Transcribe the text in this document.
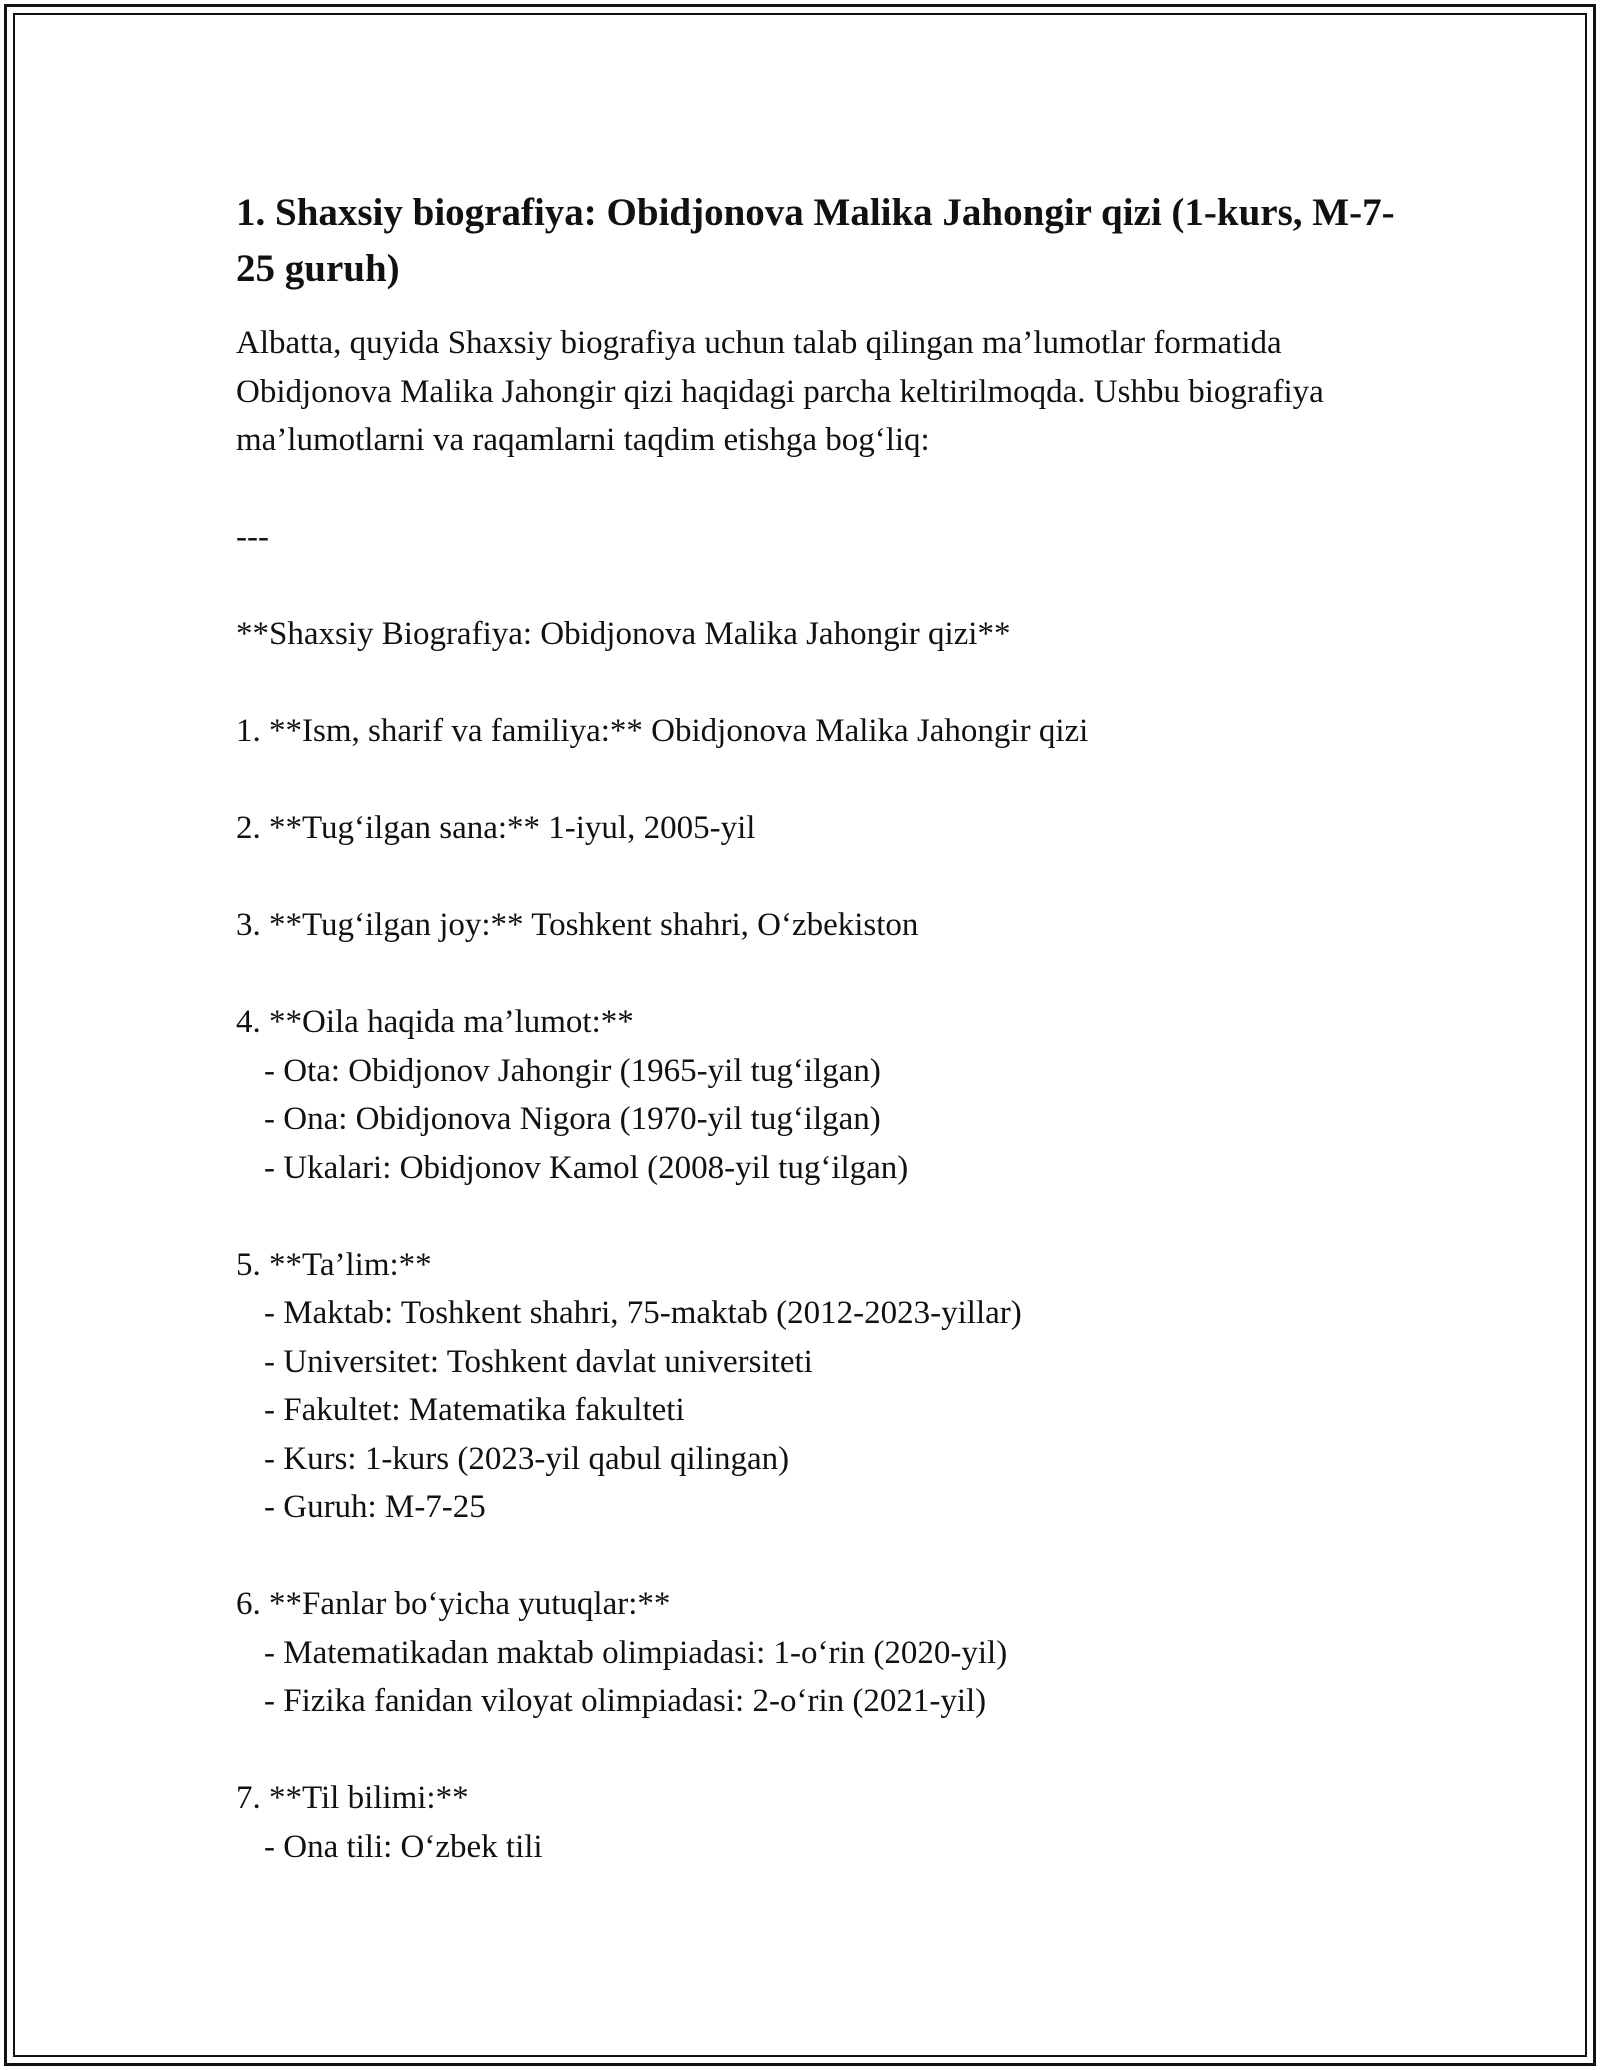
1. Shaxsiy biografiya: Obidjonova Malika Jahongir qizi (1-kurs, M-7-25 guruh)

Albatta, quyida Shaxsiy biografiya uchun talab qilingan ma’lumotlar formatida Obidjonova Malika Jahongir qizi haqidagi parcha keltirilmoqda. Ushbu biografiya ma’lumotlarni va raqamlarni taqdim etishga bog‘liq:

---

**Shaxsiy Biografiya: Obidjonova Malika Jahongir qizi**

1. **Ism, sharif va familiya:** Obidjonova Malika Jahongir qizi

2. **Tug‘ilgan sana:** 1-iyul, 2005-yil

3. **Tug‘ilgan joy:** Toshkent shahri, O‘zbekiston

4. **Oila haqida ma’lumot:**

- Ota: Obidjonov Jahongir (1965-yil tug‘ilgan)

- Ona: Obidjonova Nigora (1970-yil tug‘ilgan)

- Ukalari: Obidjonov Kamol (2008-yil tug‘ilgan)

5. **Ta’lim:**

- Maktab: Toshkent shahri, 75-maktab (2012-2023-yillar)

- Universitet: Toshkent davlat universiteti

- Fakultet: Matematika fakulteti

- Kurs: 1-kurs (2023-yil qabul qilingan)

- Guruh: M-7-25

6. **Fanlar bo‘yicha yutuqlar:**

- Matematikadan maktab olimpiadasi: 1-o‘rin (2020-yil)

- Fizika fanidan viloyat olimpiadasi: 2-o‘rin (2021-yil)

7. **Til bilimi:**

- Ona tili: O‘zbek tili
